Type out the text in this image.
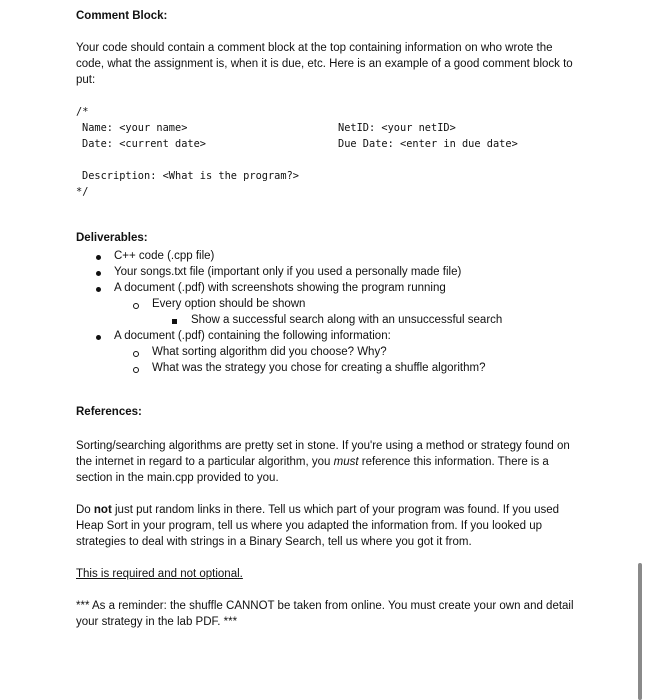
Comment Block:
Your code should contain a comment block at the top containing information on who wrote the code, what the assignment is, when it is due, etc. Here is an example of a good comment block to put:
/*
Name: <your name>	NetID: <your netID>
Date: <current date>	Due Date: <enter in due date>
Description: <What is the program?>
*/
Deliverables:
C++ code (.cpp file)
Your songs.txt file (important only if you used a personally made file)
A document (.pdf) with screenshots showing the program running
Every option should be shown
Show a successful search along with an unsuccessful search
A document (.pdf) containing the following information:
What sorting algorithm did you choose? Why?
What was the strategy you chose for creating a shuffle algorithm?
References:
Sorting/searching algorithms are pretty set in stone. If you're using a method or strategy found on the internet in regard to a particular algorithm, you must reference this information. There is a section in the main.cpp provided to you.
Do not just put random links in there. Tell us which part of your program was found. If you used Heap Sort in your program, tell us where you adapted the information from. If you looked up strategies to deal with strings in a Binary Search, tell us where you got it from.
This is required and not optional.
*** As a reminder: the shuffle CANNOT be taken from online. You must create your own and detail your strategy in the lab PDF. ***
